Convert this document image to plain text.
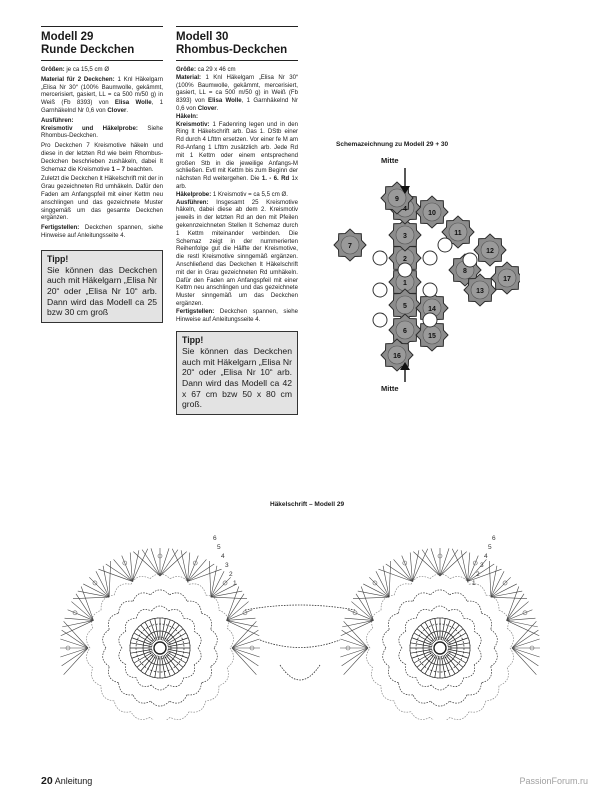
Modell 29
Runde Deckchen
Größen: je ca 15,5 cm Ø
Material für 2 Deckchen: 1 Knl Häkelgarn „Elisa Nr 30“ (100% Baumwolle, gekämmt, mercerisiert, gasiert, LL = ca 500 m/50 g) in Weiß (Fb 8393) von Elisa Wolle, 1 Garnhäkelnd Nr 0,6 von Clover.
Ausführen:
Kreismotiv und Häkelprobe: Siehe Rhombus-Deckchen.
Pro Deckchen 7 Kreismotive häkeln und diese in der letzten Rd wie beim Rhombus-Deckchen beschrieben zushäkeln, dabei lt Schemaz die Kreismotive 1 – 7 beachten.
Zuletzt die Deckchen lt Häkelschrift mit der in Grau gezeichneten Rd umhäkeln. Dafür den Faden am Anfangspfeil mit einer Kettm neu anschlingen und das gezeichnete Muster singgemäß um das gesamte Deckchen ergänzen.
Fertigstellen: Deckchen spannen, siehe Hinweise auf Anleitungsseite 4.
Tipp!
Sie können das Deckchen auch mit Häkelgarn „Elisa Nr 20“ oder „Elisa Nr 10“ arb. Dann wird das Modell ca 25 bzw 30 cm groß
Modell 30
Rhombus-Deckchen
Größe: ca 29 x 46 cm
Material: 1 Knl Häkelgarn „Elisa Nr 30“ (100% Baumwolle, gekämmt, mercerisiert, gasiert, LL = ca 500 m/50 g) in Weiß (Fb 8393) von Elisa Wolle, 1 Garnhäkelnd Nr 0,6 von Clover.
Häkeln:
Kreismotiv: 1 Fadenring legen und in den Ring lt Häkelschrift arb. Das 1. DStb einer Rd durch 4 Lfttm ersetzen. Vor einer fe M am Rd-Anfang 1 Lfttm zusätzlich arb. Jede Rd mit 1 Kettm oder einem entsprechend großen Stb in die jeweilige Anfangs-M schließen. Evtl mit Kettm bis zum Beginn der nächsten Rd weitergehen. Die 1. - 6. Rd 1x arb.
Häkelprobe: 1 Kreismotiv = ca 5,5 cm Ø.
Ausführen: Insgesamt 25 Kreismotive häkeln, dabei diese ab dem 2. Kreismotiv jeweils in der letzten Rd an den mit Pfeilen gekennzeichneten Stellen lt Schemaz durch 1 Kettm miteinander verbinden. Die Schemaz zeigt in der nummerierten Reihenfolge gut die Hälfte der Kreismotive, die restl Kreismotive sinngemäß ergänzen. Anschließend das Deckchen lt Häkelschrift mit der in Grau gezeichneten Rd umhäkeln. Dafür den Faden am Anfangspfeil mit einer Kettm neu anschlingen und das gezeichnete Muster sinngemäß um das Deckchen ergänzen.
Fertigstellen: Deckchen spannen, siehe Hinweise auf Anleitungsseite 4.
Tipp!
Sie können das Deckchen auch mit Häkelgarn „Elisa Nr 20“ oder „Elisa Nr 10“ arb. Dann wird das Modell ca 42 x 67 cm bzw 50 x 80 cm groß.
Schemazeichnung zu Modell 29 + 30
Mitte
Mitte
1
2
3
4
5
6
7
8
9
10
11
12
13
14
15
16
17
Häkelschrift – Modell 29
6	6
5	5
4	4
3	3
2	2
1	1
20 Anleitung	PassionForum.ru
